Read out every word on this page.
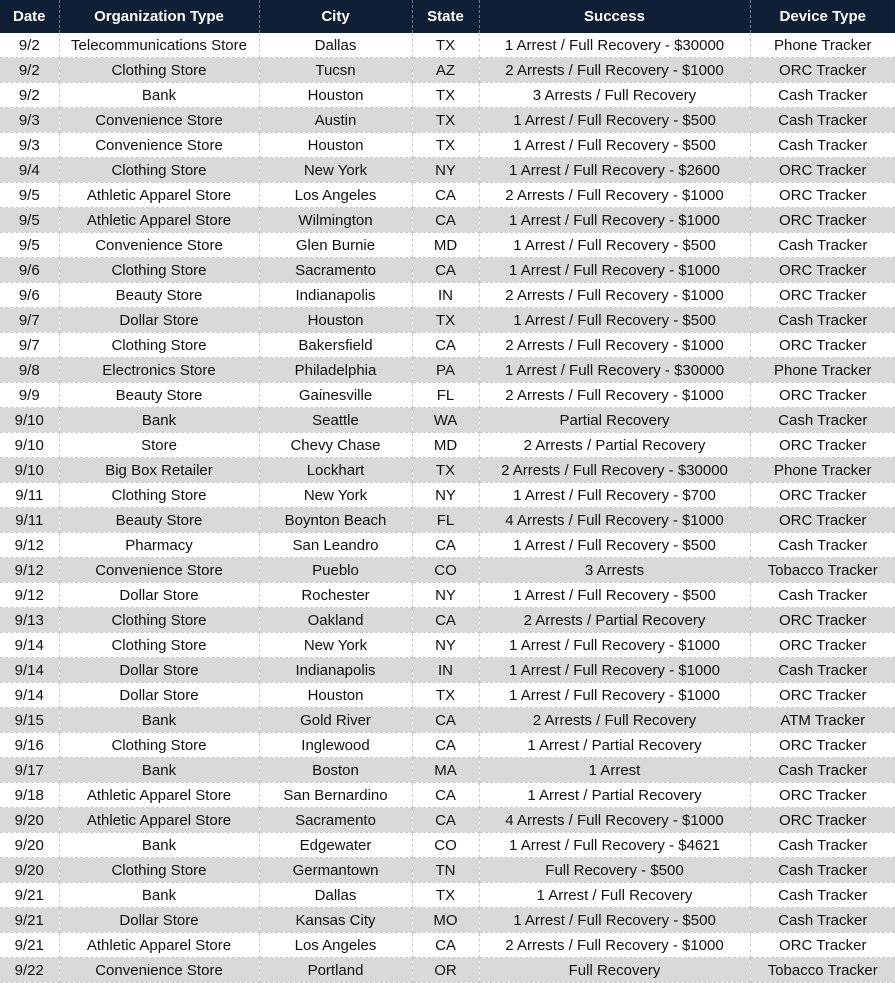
Date	Organization Type	City	State	Success	Device Type
9/2	Telecommunications Store	Dallas	TX	1 Arrest / Full Recovery - $30000	Phone Tracker
9/2	Clothing Store	Tucsn	AZ	2 Arrests / Full Recovery - $1000	ORC Tracker
9/2	Bank	Houston	TX	3 Arrests / Full Recovery	Cash Tracker
9/3	Convenience Store	Austin	TX	1 Arrest / Full Recovery - $500	Cash Tracker
9/3	Convenience Store	Houston	TX	1 Arrest / Full Recovery - $500	Cash Tracker
9/4	Clothing Store	New York	NY	1 Arrest / Full Recovery - $2600	ORC Tracker
9/5	Athletic Apparel Store	Los Angeles	CA	2 Arrests / Full Recovery - $1000	ORC Tracker
9/5	Athletic Apparel Store	Wilmington	CA	1 Arrest / Full Recovery - $1000	ORC Tracker
9/5	Convenience Store	Glen Burnie	MD	1 Arrest / Full Recovery - $500	Cash Tracker
9/6	Clothing Store	Sacramento	CA	1 Arrest / Full Recovery - $1000	ORC Tracker
9/6	Beauty Store	Indianapolis	IN	2 Arrests / Full Recovery - $1000	ORC Tracker
9/7	Dollar Store	Houston	TX	1 Arrest / Full Recovery - $500	Cash Tracker
9/7	Clothing Store	Bakersfield	CA	2 Arrests / Full Recovery - $1000	ORC Tracker
9/8	Electronics Store	Philadelphia	PA	1 Arrest / Full Recovery - $30000	Phone Tracker
9/9	Beauty Store	Gainesville	FL	2 Arrests / Full Recovery - $1000	ORC Tracker
9/10	Bank	Seattle	WA	Partial Recovery	Cash Tracker
9/10	Store	Chevy Chase	MD	2 Arrests / Partial Recovery	ORC Tracker
9/10	Big Box Retailer	Lockhart	TX	2 Arrests / Full Recovery - $30000	Phone Tracker
9/11	Clothing Store	New York	NY	1 Arrest / Full Recovery - $700	ORC Tracker
9/11	Beauty Store	Boynton Beach	FL	4 Arrests / Full Recovery - $1000	ORC Tracker
9/12	Pharmacy	San Leandro	CA	1 Arrest / Full Recovery - $500	Cash Tracker
9/12	Convenience Store	Pueblo	CO	3 Arrests	Tobacco Tracker
9/12	Dollar Store	Rochester	NY	1 Arrest / Full Recovery - $500	Cash Tracker
9/13	Clothing Store	Oakland	CA	2 Arrests / Partial Recovery	ORC Tracker
9/14	Clothing Store	New York	NY	1 Arrest / Full Recovery - $1000	ORC Tracker
9/14	Dollar Store	Indianapolis	IN	1 Arrest / Full Recovery - $1000	Cash Tracker
9/14	Dollar Store	Houston	TX	1 Arrest / Full Recovery - $1000	ORC Tracker
9/15	Bank	Gold River	CA	2 Arrests / Full Recovery	ATM Tracker
9/16	Clothing Store	Inglewood	CA	1 Arrest / Partial Recovery	ORC Tracker
9/17	Bank	Boston	MA	1 Arrest	Cash Tracker
9/18	Athletic Apparel Store	San Bernardino	CA	1 Arrest / Partial Recovery	ORC Tracker
9/20	Athletic Apparel Store	Sacramento	CA	4 Arrests / Full Recovery - $1000	ORC Tracker
9/20	Bank	Edgewater	CO	1 Arrest / Full Recovery - $4621	Cash Tracker
9/20	Clothing Store	Germantown	TN	Full Recovery - $500	Cash Tracker
9/21	Bank	Dallas	TX	1 Arrest / Full Recovery	Cash Tracker
9/21	Dollar Store	Kansas City	MO	1 Arrest / Full Recovery - $500	Cash Tracker
9/21	Athletic Apparel Store	Los Angeles	CA	2 Arrests / Full Recovery - $1000	ORC Tracker
9/22	Convenience Store	Portland	OR	Full Recovery	Tobacco Tracker
